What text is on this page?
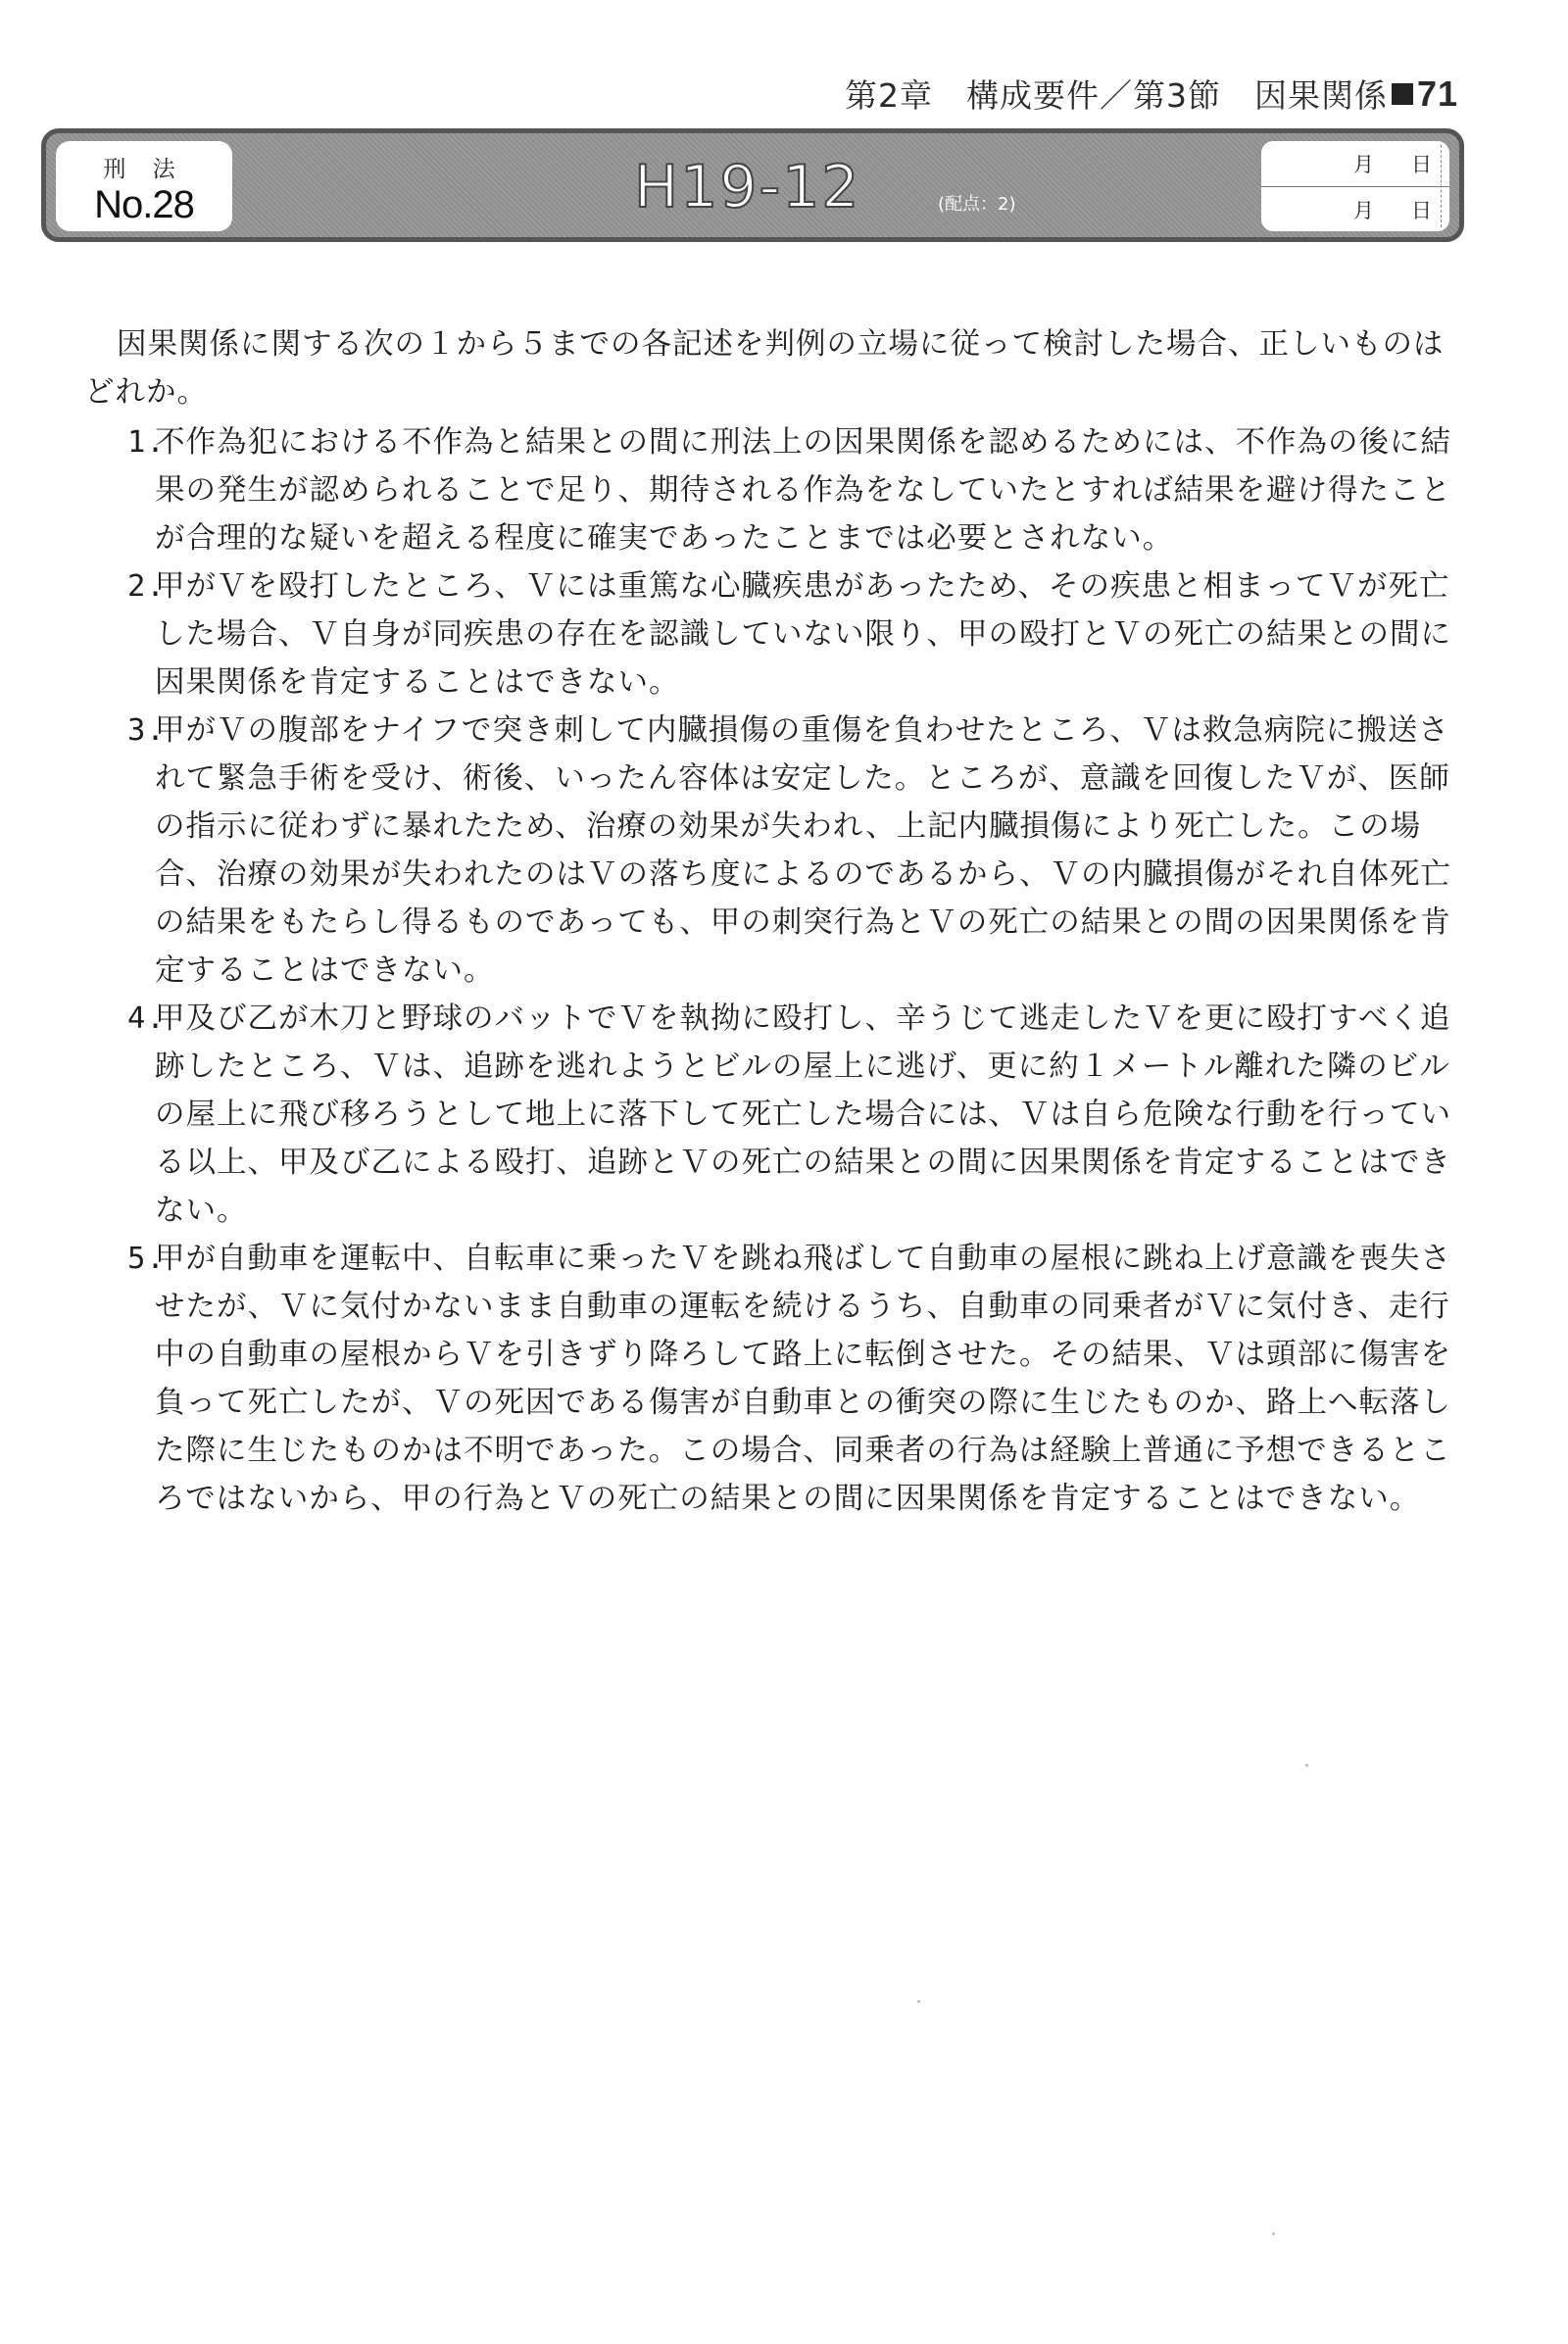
第2章　構成要件／第3節　因果関係 71
刑 法
No.28	H19-12	(配点：2)
月 日
月 日

因果関係に関する次の１から５までの各記述を判例の立場に従って検討した場合、正しいものはどれか。

1.
不作為犯における不作為と結果との間に刑法上の因果関係を認めるためには、不作為の後に結果の発生が認められることで足り、期待される作為をなしていたとすれば結果を避け得たことが合理的な疑いを超える程度に確実であったことまでは必要とされない。
2.
甲がＶを殴打したところ、Ｖには重篤な心臓疾患があったため、その疾患と相まってＶが死亡した場合、Ｖ自身が同疾患の存在を認識していない限り、甲の殴打とＶの死亡の結果との間に因果関係を肯定することはできない。
3.
甲がＶの腹部をナイフで突き刺して内臓損傷の重傷を負わせたところ、Ｖは救急病院に搬送されて緊急手術を受け、術後、いったん容体は安定した。ところが、意識を回復したＶが、医師の指示に従わずに暴れたため、治療の効果が失われ、上記内臓損傷により死亡した。この場合、治療の効果が失われたのはＶの落ち度によるのであるから、Ｖの内臓損傷がそれ自体死亡の結果をもたらし得るものであっても、甲の刺突行為とＶの死亡の結果との間の因果関係を肯定することはできない。
4.
甲及び乙が木刀と野球のバットでＶを執拗に殴打し、辛うじて逃走したＶを更に殴打すべく追跡したところ、Ｖは、追跡を逃れようとビルの屋上に逃げ、更に約１メートル離れた隣のビルの屋上に飛び移ろうとして地上に落下して死亡した場合には、Ｖは自ら危険な行動を行っている以上、甲及び乙による殴打、追跡とＶの死亡の結果との間に因果関係を肯定することはできない。
5.
甲が自動車を運転中、自転車に乗ったＶを跳ね飛ばして自動車の屋根に跳ね上げ意識を喪失させたが、Ｖに気付かないまま自動車の運転を続けるうち、自動車の同乗者がＶに気付き、走行中の自動車の屋根からＶを引きずり降ろして路上に転倒させた。その結果、Ｖは頭部に傷害を負って死亡したが、Ｖの死因である傷害が自動車との衝突の際に生じたものか、路上へ転落した際に生じたものかは不明であった。この場合、同乗者の行為は経験上普通に予想できるところではないから、甲の行為とＶの死亡の結果との間に因果関係を肯定することはできない。
